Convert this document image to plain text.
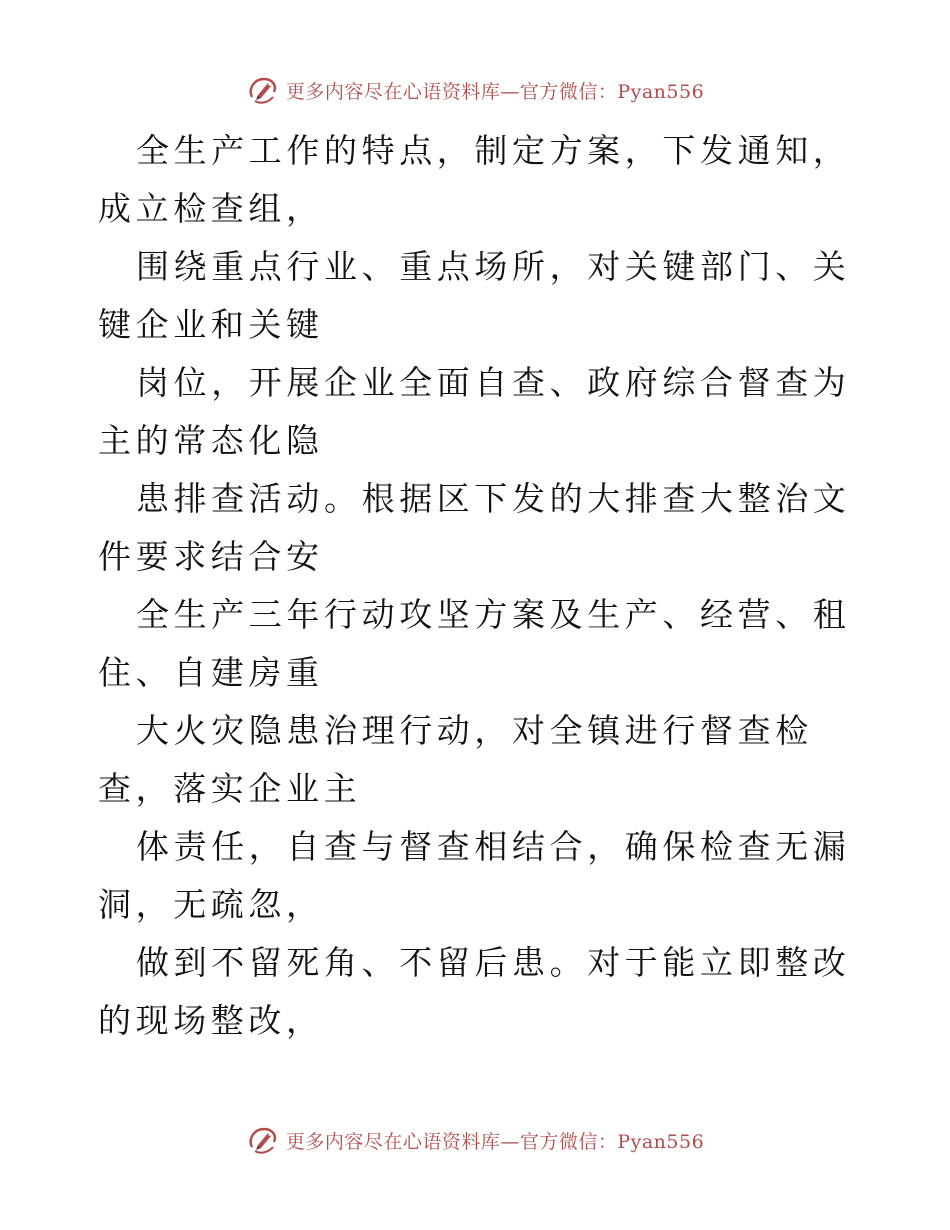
更多内容尽在心语资料库—官方微信：Pyan556

全生产工作的特点，制定方案，下发通知，成立检查组，

围绕重点行业、重点场所，对关键部门、关键企业和关键

岗位，开展企业全面自查、政府综合督查为主的常态化隐

患排查活动。根据区下发的大排查大整治文件要求结合安

全生产三年行动攻坚方案及生产、经营、租住、自建房重

大火灾隐患治理行动，对全镇进行督查检查，落实企业主

体责任，自查与督查相结合，确保检查无漏洞，无疏忽，

做到不留死角、不留后患。对于能立即整改的现场整改，

更多内容尽在心语资料库—官方微信：Pyan556
